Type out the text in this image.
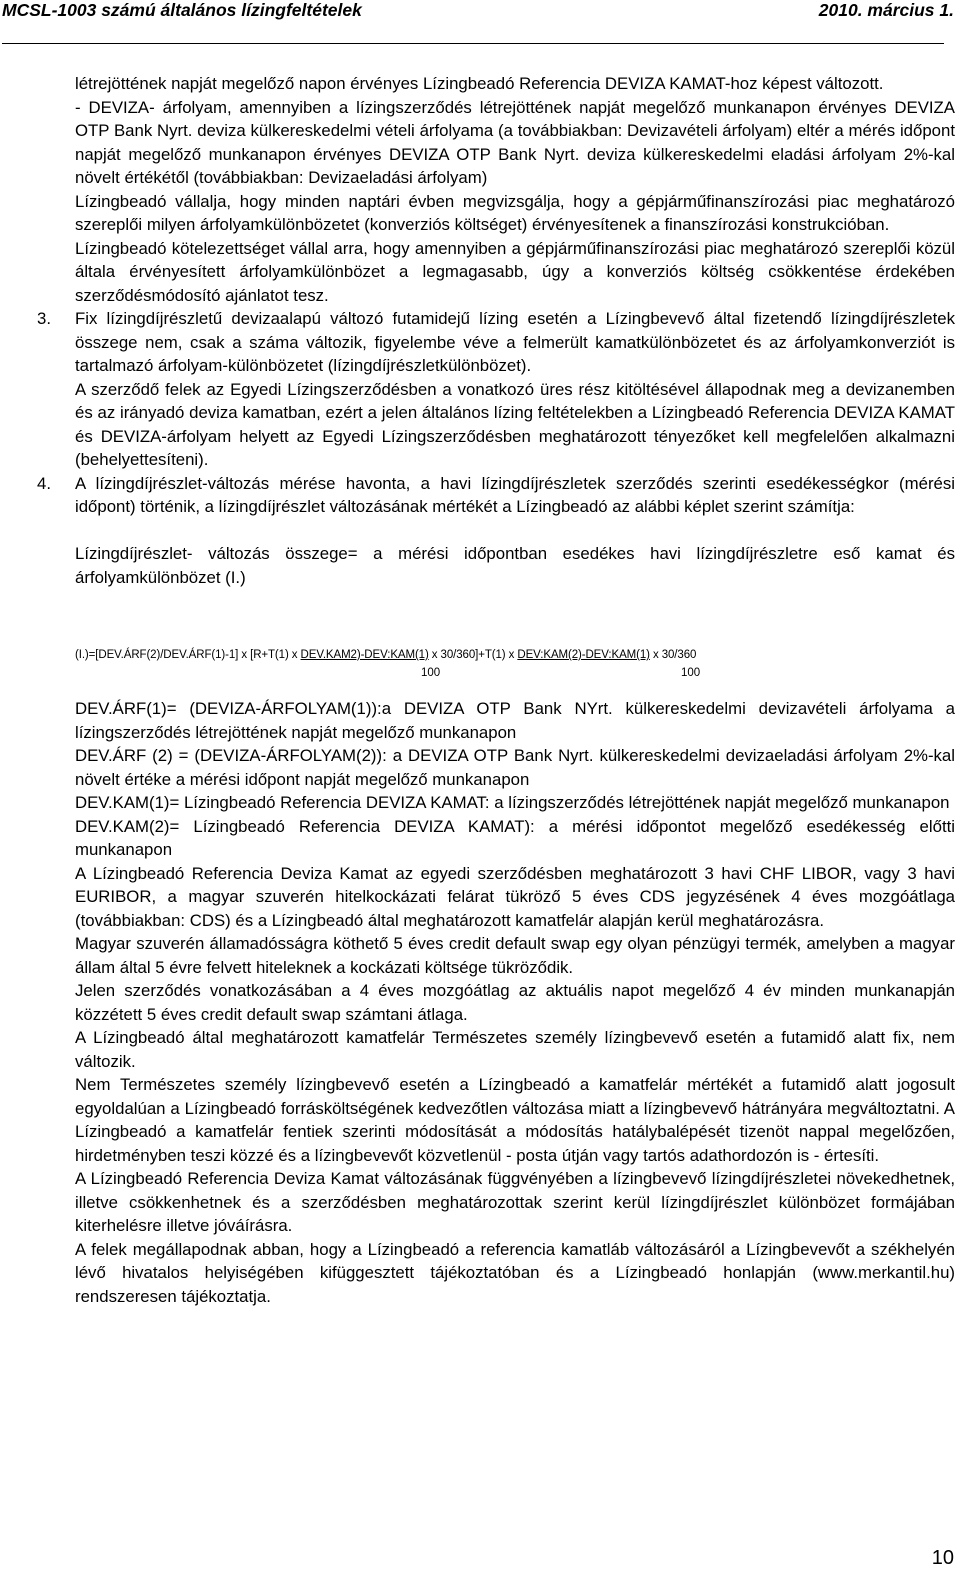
MCSL-1003 számú általános lízingfeltételek	2010. március 1.

létrejöttének napját megelőző napon érvényes Lízingbeadó Referencia DEVIZA KAMAT-hoz képest változott.

- DEVIZA- árfolyam, amennyiben a lízingszerződés létrejöttének napját megelőző munkanapon érvényes DEVIZA OTP Bank Nyrt. deviza külkereskedelmi vételi árfolyama (a továbbiakban: Devizavételi árfolyam) eltér a mérés időpont napját megelőző munkanapon érvényes DEVIZA OTP Bank Nyrt. deviza külkereskedelmi eladási árfolyam 2%-kal növelt értékétől (továbbiakban: Devizaeladási árfolyam)

Lízingbeadó vállalja, hogy minden naptári évben megvizsgálja, hogy a gépjárműfinanszírozási piac meghatározó szereplői milyen árfolyamkülönbözetet (konverziós költséget) érvényesítenek a finanszírozási konstrukcióban.

Lízingbeadó kötelezettséget vállal arra, hogy amennyiben a gépjárműfinanszírozási piac meghatározó szereplői közül általa érvényesített árfolyamkülönbözet a legmagasabb, úgy a konverziós költség csökkentése érdekében szerződésmódosító ajánlatot tesz.

3. Fix lízingdíjrészletű devizaalapú változó futamidejű lízing esetén a Lízingbevevő által fizetendő lízingdíjrészletek összege nem, csak a száma változik, figyelembe véve a felmerült kamatkülönbözetet és az árfolyamkonverziót is tartalmazó árfolyam-különbözetet (lízingdíjrészletkülönbözet).

A szerződő felek az Egyedi Lízingszerződésben a vonatkozó üres rész kitöltésével állapodnak meg a devizanemben és az irányadó deviza kamatban, ezért a jelen általános lízing feltételekben a Lízingbeadó Referencia DEVIZA KAMAT és DEVIZA-árfolyam helyett az Egyedi Lízingszerződésben meghatározott tényezőket kell megfelelően alkalmazni (behelyettesíteni).

4. A lízingdíjrészlet-változás mérése havonta, a havi lízingdíjrészletek szerződés szerinti esedékességkor (mérési időpont) történik, a lízingdíjrészlet változásának mértékét a Lízingbeadó az alábbi képlet szerint számítja:

Lízingdíjrészlet- változás összege= a mérési időpontban esedékes havi lízingdíjrészletre eső kamat és árfolyamkülönbözet (I.)

(I.)=[DEV.ÁRF(2)/DEV.ÁRF(1)-1] x [R+T(1) x DEV.KAM2)-DEV:KAM(1) x 30/360]+T(1) x DEV:KAM(2)-DEV:KAM(1) x 30/360
100	100

DEV.ÁRF(1)= (DEVIZA-ÁRFOLYAM(1)):a DEVIZA OTP Bank NYrt. külkereskedelmi devizavételi árfolyama a lízingszerződés létrejöttének napját megelőző munkanapon

DEV.ÁRF (2) = (DEVIZA-ÁRFOLYAM(2)): a DEVIZA OTP Bank Nyrt. külkereskedelmi devizaeladási árfolyam 2%-kal növelt értéke a mérési időpont napját megelőző munkanapon

DEV.KAM(1)= Lízingbeadó Referencia DEVIZA KAMAT: a lízingszerződés létrejöttének napját megelőző munkanapon

DEV.KAM(2)= Lízingbeadó Referencia DEVIZA KAMAT): a mérési időpontot megelőző esedékesség előtti munkanapon

A Lízingbeadó Referencia Deviza Kamat az egyedi szerződésben meghatározott 3 havi CHF LIBOR, vagy 3 havi EURIBOR, a magyar szuverén hitelkockázati felárat tükröző 5 éves CDS jegyzésének 4 éves mozgóátlaga (továbbiakban: CDS) és a Lízingbeadó által meghatározott kamatfelár alapján kerül meghatározásra.

Magyar szuverén államadósságra köthető 5 éves credit default swap egy olyan pénzügyi termék, amelyben a magyar állam által 5 évre felvett hiteleknek a kockázati költsége tükröződik.

Jelen szerződés vonatkozásában a 4 éves mozgóátlag az aktuális napot megelőző 4 év minden munkanapján közzétett 5 éves credit default swap számtani átlaga.

A Lízingbeadó által meghatározott kamatfelár Természetes személy lízingbevevő esetén a futamidő alatt fix, nem változik.

Nem Természetes személy lízingbevevő esetén a Lízingbeadó a kamatfelár mértékét a futamidő alatt jogosult egyoldalúan a Lízingbeadó forrásköltségének kedvezőtlen változása miatt a lízingbevevő hátrányára megváltoztatni. A Lízingbeadó a kamatfelár fentiek szerinti módosítását a módosítás hatálybalépését tizenöt nappal megelőzően, hirdetményben teszi közzé és a lízingbevevőt közvetlenül - posta útján vagy tartós adathordozón is - értesíti.

A Lízingbeadó Referencia Deviza Kamat változásának függvényében a lízingbevevő lízingdíjrészletei növekedhetnek, illetve csökkenhetnek és a szerződésben meghatározottak szerint kerül lízingdíjrészlet különbözet formájában kiterhelésre illetve jóváírásra.

A felek megállapodnak abban, hogy a Lízingbeadó a referencia kamatláb változásáról a Lízingbevevőt a székhelyén lévő hivatalos helyiségében kifüggesztett tájékoztatóban és a Lízingbeadó honlapján (www.merkantil.hu) rendszeresen tájékoztatja.

10
